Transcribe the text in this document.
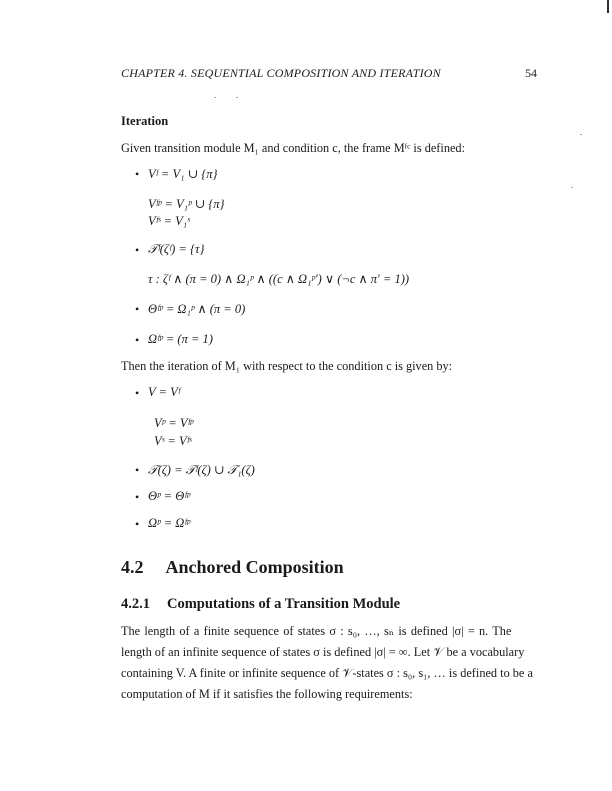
CHAPTER 4. SEQUENTIAL COMPOSITION AND ITERATION	54
Iteration
Given transition module M₁ and condition c, the frame Mᶠᶜ is defined:
• Vᶠ = V₁ ∪ {π}
Vᶠᵖ = V₁ᵖ ∪ {π}
Vᶠˢ = V₁ˢ
• 𝒯ᶠ(ζᶠ) = {τ}
τ : ζᶠ ∧ (π = 0) ∧ Ω₁ᵖ ∧ ((c ∧ Ω₁ᵖ′) ∨ (¬c ∧ π′ = 1))
• Θᶠᵖ = Ω₁ᵖ ∧ (π = 0)
• Ωᶠᵖ = (π = 1)
Then the iteration of M₁ with respect to the condition c is given by:
• V = Vᶠ
Vᵖ = Vᶠᵖ
Vˢ = Vᶠˢ
• 𝒯(ζ) = 𝒯ᶠ(ζ) ∪ 𝒯₁(ζ)
• Θᵖ = Θᶠᵖ
• Ωᵖ = Ωᶠᵖ
4.2 Anchored Composition
4.2.1 Computations of a Transition Module
The length of a finite sequence of states σ : s₀, …, sₙ is defined |σ| = n. The
length of an infinite sequence of states σ is defined |σ| = ∞. Let 𝒱 be a vocabulary
containing V. A finite or infinite sequence of 𝒱-states σ : s₀, s₁, … is defined to be a
computation of M if it satisfies the following requirements:
